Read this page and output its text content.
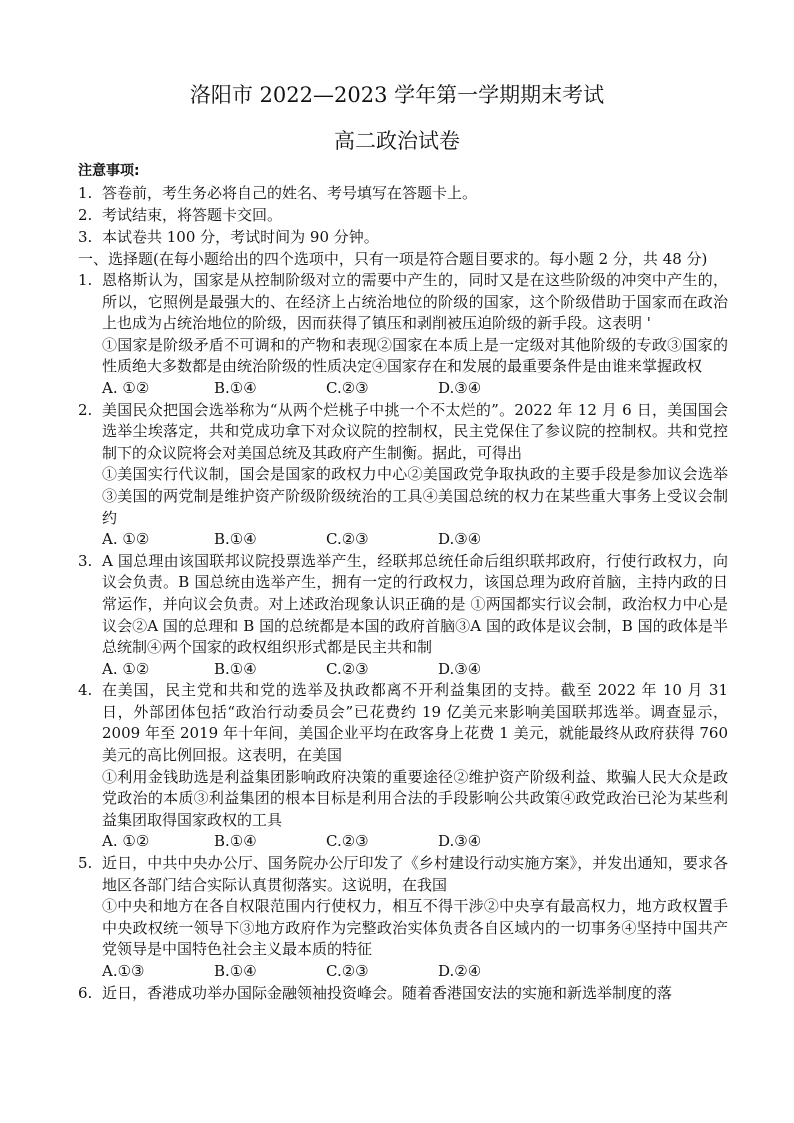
洛阳市 2022—2023 学年第一学期期末考试
高二政治试卷
注意事项:
1. 答卷前，考生务必将自己的姓名、考号填写在答题卡上。
2. 考试结束，将答题卡交回。
3. 本试卷共 100 分，考试时间为 90 分钟。
一、选择题(在每小题给出的四个选项中，只有一项是符合题目要求的。每小题 2 分，共 48 分)
1. 恩格斯认为，国家是从控制阶级对立的需要中产生的，同时又是在这些阶级的冲突中产生的，所以，它照例是最强大的、在经济上占统治地位的阶级的国家，这个阶级借助于国家而在政治上也成为占统治地位的阶级，因而获得了镇压和剥削被压迫阶级的新手段。这表明 '

①国家是阶级矛盾不可调和的产物和表现②国家在本质上是一定级对其他阶级的专政③国家的性质绝大多数都是由统治阶级的性质决定④国家存在和发展的最重要条件是由谁来掌握政权

A. ①②	B.①④	C.②③	D.③④
2. 美国民众把国会选举称为“从两个烂桃子中挑一个不太烂的”。2022 年 12 月 6 日，美国国会选举尘埃落定，共和党成功拿下对众议院的控制权，民主党保住了参议院的控制权。共和党控制下的众议院将会对美国总统及其政府产生制衡。据此，可得出

①美国实行代议制，国会是国家的政权力中心②美国政党争取执政的主要手段是参加议会选举③美国的两党制是维护资产阶级阶级统治的工具④美国总统的权力在某些重大事务上受议会制约

A. ①②	B.①④	C.②③	D.③④
3. A 国总理由该国联邦议院投票选举产生，经联邦总统任命后组织联邦政府，行使行政权力，向议会负责。B 国总统由选举产生，拥有一定的行政权力，该国总理为政府首脑，主持内政的日常运作，并向议会负责。对上述政治现象认识正确的是 ①两国都实行议会制，政治权力中心是议会②A 国的总理和 B 国的总统都是本国的政府首脑③A 国的政体是议会制，B 国的政体是半总统制④两个国家的政权组织形式都是民主共和制

A. ①②	B.①④	C.②③	D.③④
4. 在美国，民主党和共和党的选举及执政都离不开利益集团的支持。截至 2022 年 10 月 31 日，外部团体包括“政治行动委员会”已花费约 19 亿美元来影响美国联邦选举。调查显示，2009 年至 2019 年十年间，美国企业平均在政客身上花费 1 美元，就能最终从政府获得 760 美元的高比例回报。这表明，在美国

①利用金钱助选是利益集团影响政府决策的重要途径②维护资产阶级利益、欺骗人民大众是政党政治的本质③利益集团的根本目标是利用合法的手段影响公共政策④政党政治已沦为某些利益集团取得国家政权的工具

A. ①②	B.①④	C.②③	D.③④
5. 近日，中共中央办公厅、国务院办公厅印发了《乡村建设行动实施方案》，并发出通知，要求各地区各部门结合实际认真贯彻落实。这说明，在我国

①中央和地方在各自权限范围内行使权力，相互不得干涉②中央享有最高权力，地方政权置手中央政权统一领导下③地方政府作为完整政治实体负责各自区域内的一切事务④坚持中国共产党领导是中国特色社会主义最本质的特征

A.①③	B.①④	C.②③	D.②④
6. 近日，香港成功举办国际金融领袖投资峰会。随着香港国安法的实施和新选举制度的落
